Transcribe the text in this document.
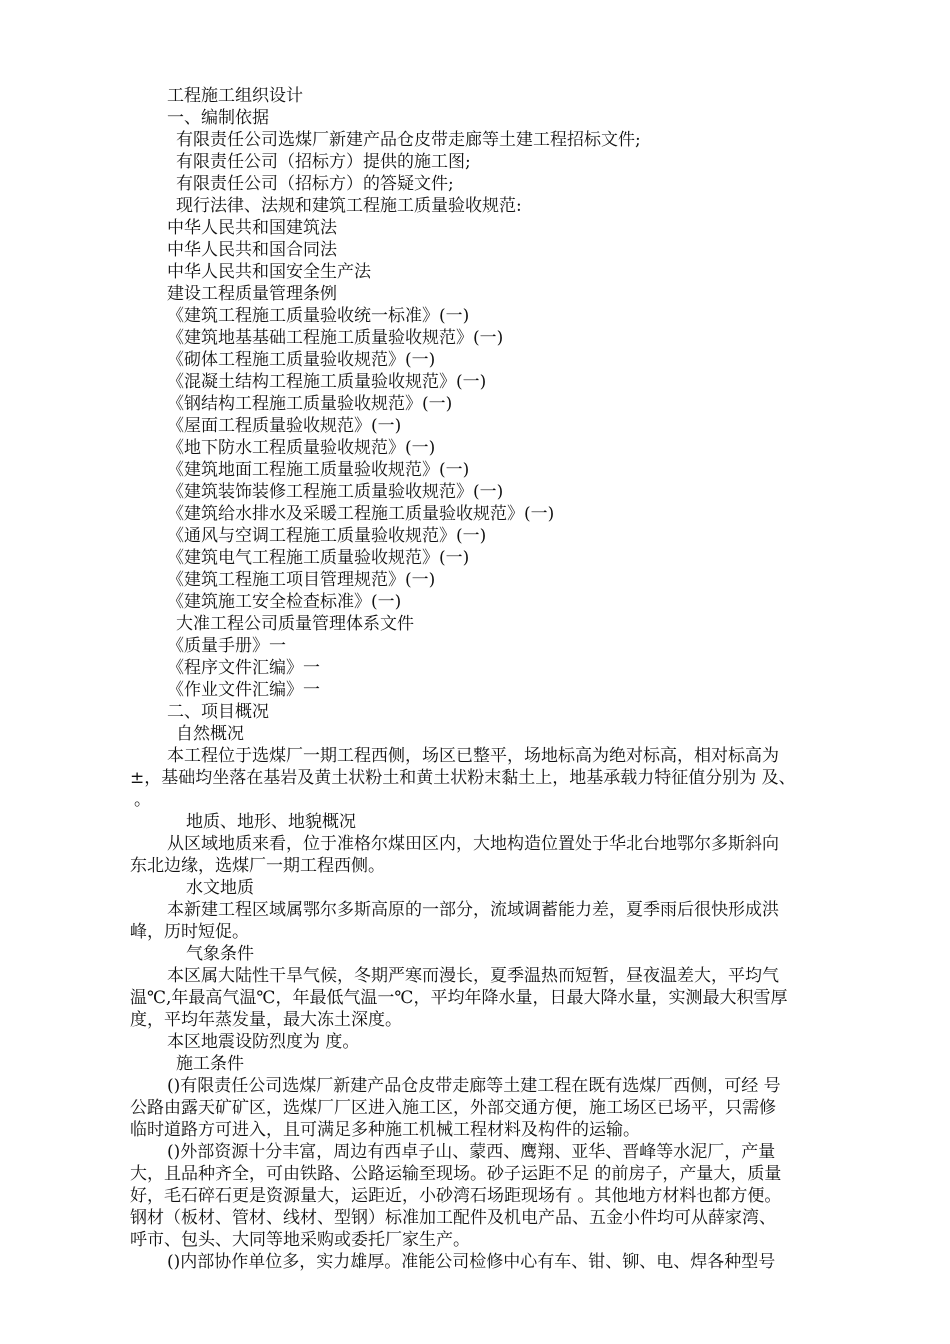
工程施工组织设计
一、编制依据
有限责任公司选煤厂新建产品仓皮带走廊等土建工程招标文件;
有限责任公司（招标方）提供的施工图;
有限责任公司（招标方）的答疑文件;
现行法律、法规和建筑工程施工质量验收规范:
中华人民共和国建筑法
中华人民共和国合同法
中华人民共和国安全生产法
建设工程质量管理条例
《建筑工程施工质量验收统一标准》(一)
《建筑地基基础工程施工质量验收规范》(一)
《砌体工程施工质量验收规范》(一)
《混凝土结构工程施工质量验收规范》(一)
《钢结构工程施工质量验收规范》(一)
《屋面工程质量验收规范》(一)
《地下防水工程质量验收规范》(一)
《建筑地面工程施工质量验收规范》(一)
《建筑装饰装修工程施工质量验收规范》(一)
《建筑给水排水及采暖工程施工质量验收规范》(一)
《通风与空调工程施工质量验收规范》(一)
《建筑电气工程施工质量验收规范》(一)
《建筑工程施工项目管理规范》(一)
《建筑施工安全检查标准》(一)
大准工程公司质量管理体系文件
《质量手册》一
《程序文件汇编》一
《作业文件汇编》一
二、项目概况
自然概况
本工程位于选煤厂一期工程西侧，场区已整平，场地标高为绝对标高，相对标高为
±，基础均坐落在基岩及黄土状粉土和黄土状粉末黏土上，地基承载力特征值分别为 及、
。
地质、地形、地貌概况
从区域地质来看，位于准格尔煤田区内，大地构造位置处于华北台地鄂尔多斯斜向
东北边缘，选煤厂一期工程西侧。
水文地质
本新建工程区域属鄂尔多斯高原的一部分，流域调蓄能力差，夏季雨后很快形成洪
峰，历时短促。
气象条件
本区属大陆性干旱气候，冬期严寒而漫长，夏季温热而短暂，昼夜温差大，平均气
温℃,年最高气温℃，年最低气温一℃，平均年降水量，日最大降水量，实测最大积雪厚
度，平均年蒸发量，最大冻土深度。
本区地震设防烈度为 度。
施工条件
()有限责任公司选煤厂新建产品仓皮带走廊等土建工程在既有选煤厂西侧，可经 号
公路由露天矿矿区，选煤厂厂区进入施工区，外部交通方便，施工场区已场平，只需修
临时道路方可进入，且可满足多种施工机械工程材料及构件的运输。
()外部资源十分丰富，周边有西卓子山、蒙西、鹰翔、亚华、晋峰等水泥厂，产量
大，且品种齐全，可由铁路、公路运输至现场。砂子运距不足 的前房子，产量大，质量
好，毛石碎石更是资源量大，运距近，小砂湾石场距现场有 。其他地方材料也都方便。
钢材（板材、管材、线材、型钢）标准加工配件及机电产品、五金小件均可从薛家湾、
呼市、包头、大同等地采购或委托厂家生产。
()内部协作单位多，实力雄厚。准能公司检修中心有车、钳、铆、电、焊各种型号
